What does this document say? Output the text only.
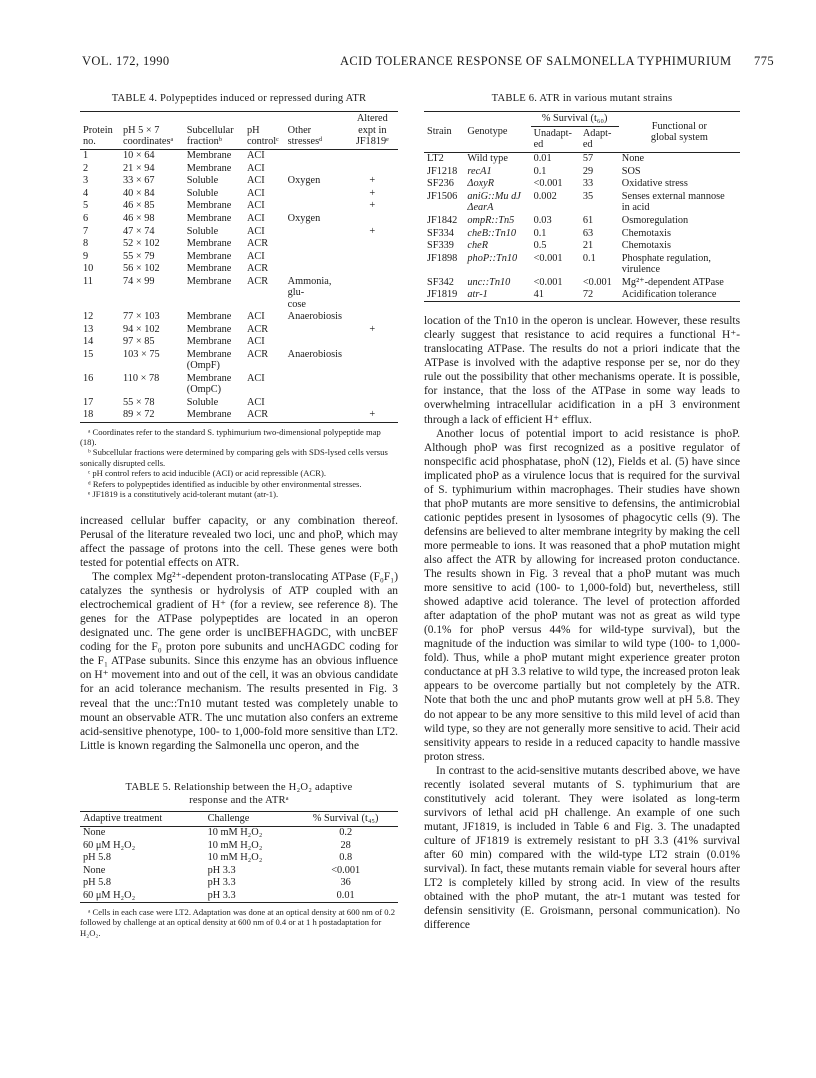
VOL. 172, 1990	ACID TOLERANCE RESPONSE OF SALMONELLA TYPHIMURIUM 775
TABLE 4. Polypeptides induced or repressed during ATR
Protein no.	pH 5 × 7 coordinatesᵃ	Subcellular fractionᵇ	pH controlᶜ	Other stressesᵈ	Altered expt in JF1819ᵉ
1	10 × 64	Membrane	ACI		
2	21 × 94	Membrane	ACI		
3	33 × 67	Soluble	ACI	Oxygen	+
4	40 × 84	Soluble	ACI		+
5	46 × 85	Membrane	ACI		+
6	46 × 98	Membrane	ACI	Oxygen	
7	47 × 74	Soluble	ACI		+
8	52 × 102	Membrane	ACR		
9	55 × 79	Membrane	ACI		
10	56 × 102	Membrane	ACR		
11	74 × 99	Membrane	ACR	Ammonia, glu-
cose	
12	77 × 103	Membrane	ACI	Anaerobiosis	
13	94 × 102	Membrane	ACR		+
14	97 × 85	Membrane	ACI		
15	103 × 75	Membrane
(OmpF)	ACR	Anaerobiosis	
16	110 × 78	Membrane
(OmpC)	ACI		
17	55 × 78	Soluble	ACI		
18	89 × 72	Membrane	ACR		+

ᵃ Coordinates refer to the standard S. typhimurium two-dimensional polypeptide map (18).

ᵇ Subcellular fractions were determined by comparing gels with SDS-lysed cells versus sonically disrupted cells.

ᶜ pH control refers to acid inducible (ACI) or acid repressible (ACR).

ᵈ Refers to polypeptides identified as inducible by other environmental stresses.

ᵉ JF1819 is a constitutively acid-tolerant mutant (atr-1).

increased cellular buffer capacity, or any combination thereof. Perusal of the literature revealed two loci, unc and phoP, which may affect the passage of protons into the cell. These genes were both tested for potential effects on ATR.

The complex Mg²⁺-dependent proton-translocating ATPase (F₀F₁) catalyzes the synthesis or hydrolysis of ATP coupled with an electrochemical gradient of H⁺ (for a review, see reference 8). The genes for the ATPase polypeptides are located in an operon designated unc. The gene order is uncIBEFHAGDC, with uncBEF coding for the F₀ proton pore subunits and uncHAGDC coding for the F₁ ATPase subunits. Since this enzyme has an obvious influence on H⁺ movement into and out of the cell, it was an obvious candidate for an acid tolerance mechanism. The results presented in Fig. 3 reveal that the unc::Tn10 mutant tested was completely unable to mount an observable ATR. The unc mutation also confers an extreme acid-sensitive phenotype, 100- to 1,000-fold more sensitive than LT2. Little is known regarding the Salmonella unc operon, and the

TABLE 5. Relationship between the H₂O₂ adaptive
response and the ATRᵃ
Adaptive treatment	Challenge	% Survival (t₄₅)
None	10 mM H₂O₂	0.2
60 μM H₂O₂	10 mM H₂O₂	28
pH 5.8	10 mM H₂O₂	0.8
None	pH 3.3	<0.001
pH 5.8	pH 3.3	36
60 μM H₂O₂	pH 3.3	0.01

ᵃ Cells in each case were LT2. Adaptation was done at an optical density at 600 nm of 0.2 followed by challenge at an optical density at 600 nm of 0.4 or at 1 h postadaptation for H₂O₂.

TABLE 6. ATR in various mutant strains
Strain	Genotype	% Survival (t₆₀)		Functional or
global system
		Unadapt-
ed	Adapt-
ed	
LT2	Wild type	0.01	57	None
JF1218	recA1	0.1	29	SOS
SF236	ΔoxyR	<0.001	33	Oxidative stress
JF1506	aniG::Mu dJ
ΔearA	0.002	35	Senses external mannose
in acid
JF1842	ompR::Tn5	0.03	61	Osmoregulation
SF334	cheB::Tn10	0.1	63	Chemotaxis
SF339	cheR	0.5	21	Chemotaxis
JF1898	phoP::Tn10	<0.001	0.1	Phosphate regulation,
virulence
SF342	unc::Tn10	<0.001	<0.001	Mg²⁺-dependent ATPase
JF1819	atr-1	41	72	Acidification tolerance

location of the Tn10 in the operon is unclear. However, these results clearly suggest that resistance to acid requires a functional H⁺-translocating ATPase. The results do not a priori indicate that the ATPase is involved with the adaptive response per se, nor do they rule out the possibility that other mechanisms operate. It is possible, for instance, that the loss of the ATPase in some way leads to overwhelming intracellular acidification in a pH 3 environment through a lack of efficient H⁺ efflux.

Another locus of potential import to acid resistance is phoP. Although phoP was first recognized as a positive regulator of nonspecific acid phosphatase, phoN (12), Fields et al. (5) have since implicated phoP as a virulence locus that is required for the survival of S. typhimurium within macrophages. Their studies have shown that phoP mutants are more sensitive to defensins, the antimicrobial cationic peptides present in lysosomes of phagocytic cells (9). The defensins are believed to alter membrane integrity by making the cell more permeable to ions. It was reasoned that a phoP mutation might also affect the ATR by allowing for increased proton conductance. The results shown in Fig. 3 reveal that a phoP mutant was much more sensitive to acid (100- to 1,000-fold) but, nevertheless, still showed adaptive acid tolerance. The level of protection afforded after adaptation of the phoP mutant was not as great as wild type (0.1% for phoP versus 44% for wild-type survival), but the magnitude of the induction was similar to wild type (100- to 1,000-fold). Thus, while a phoP mutant might experience greater proton conductance at pH 3.3 relative to wild type, the increased proton leak appears to be overcome partially but not completely by the ATR. Note that both the unc and phoP mutants grow well at pH 5.8. They do not appear to be any more sensitive to this mild level of acid than wild type, so they are not generally more sensitive to acid. Their acid sensitivity appears to reside in a reduced capacity to handle massive proton stress.

In contrast to the acid-sensitive mutants described above, we have recently isolated several mutants of S. typhimurium that are constitutively acid tolerant. They were isolated as long-term survivors of lethal acid pH challenge. An example of one such mutant, JF1819, is included in Table 6 and Fig. 3. The unadapted culture of JF1819 is extremely resistant to pH 3.3 (41% survival after 60 min) compared with the wild-type LT2 strain (0.01% survival). In fact, these mutants remain viable for several hours after LT2 is completely killed by strong acid. In view of the results obtained with the phoP mutant, the atr-1 mutant was tested for defensin sensitivity (E. Groismann, personal communication). No difference
